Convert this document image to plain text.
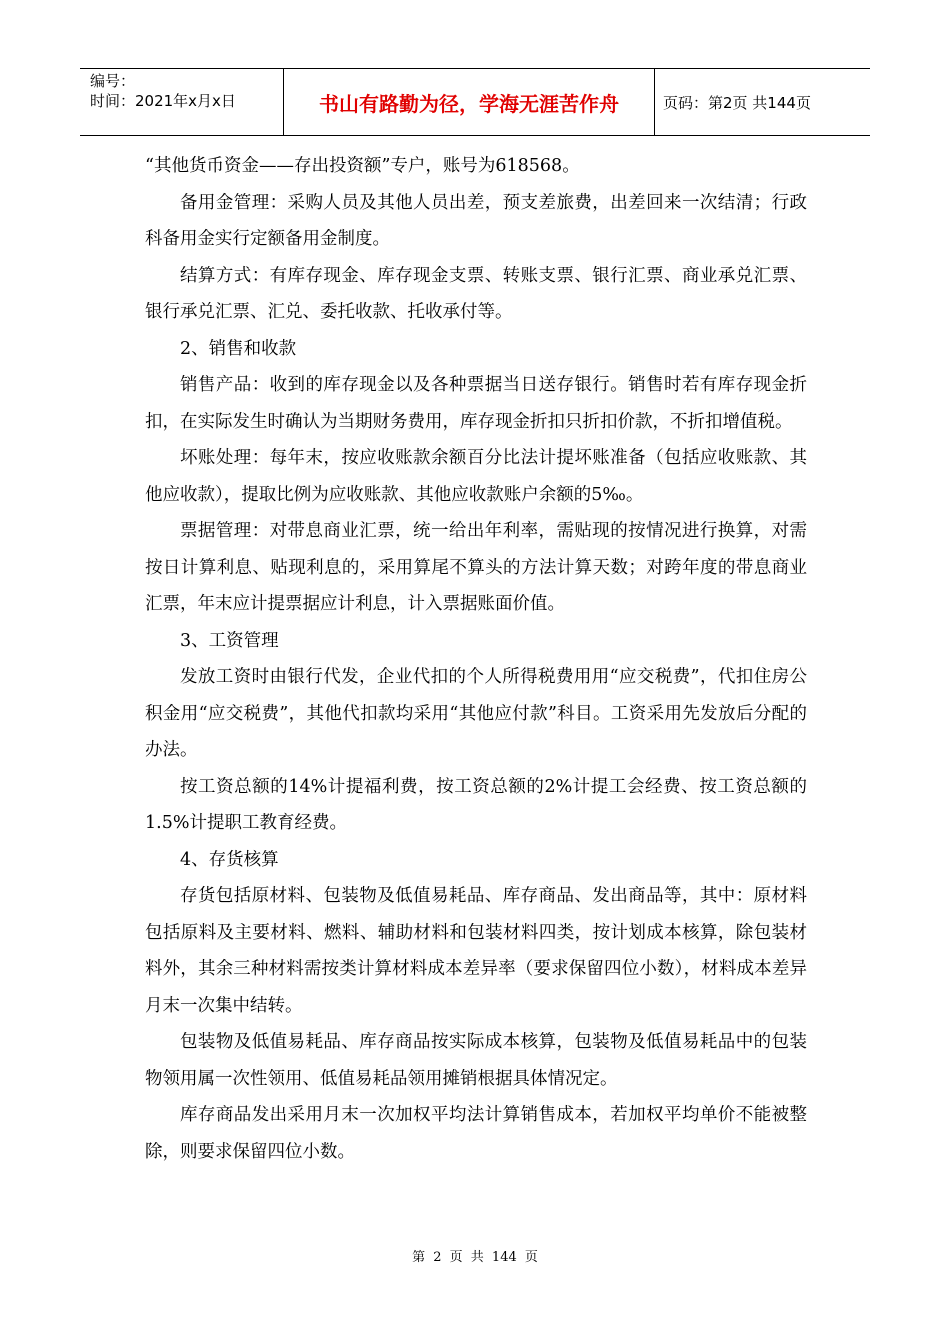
编号：
时间：2021年x月x日	书山有路勤为径，学海无涯苦作舟	页码：第2页 共144页

“其他货币资金——存出投资额”专户，账号为618568。

备用金管理：采购人员及其他人员出差，预支差旅费，出差回来一次结清；行政科备用金实行定额备用金制度。

结算方式：有库存现金、库存现金支票、转账支票、银行汇票、商业承兑汇票、银行承兑汇票、汇兑、委托收款、托收承付等。

2、销售和收款

销售产品：收到的库存现金以及各种票据当日送存银行。销售时若有库存现金折扣，在实际发生时确认为当期财务费用，库存现金折扣只折扣价款，不折扣增值税。

坏账处理：每年末，按应收账款余额百分比法计提坏账准备（包括应收账款、其他应收款），提取比例为应收账款、其他应收款账户余额的5‰。

票据管理：对带息商业汇票，统一给出年利率，需贴现的按情况进行换算，对需按日计算利息、贴现利息的，采用算尾不算头的方法计算天数；对跨年度的带息商业汇票，年末应计提票据应计利息，计入票据账面价值。

3、工资管理

发放工资时由银行代发，企业代扣的个人所得税费用用“应交税费”，代扣住房公积金用“应交税费”，其他代扣款均采用“其他应付款”科目。工资采用先发放后分配的办法。

按工资总额的14%计提福利费，按工资总额的2%计提工会经费、按工资总额的1.5%计提职工教育经费。

4、存货核算

存货包括原材料、包装物及低值易耗品、库存商品、发出商品等，其中：原材料包括原料及主要材料、燃料、辅助材料和包装材料四类，按计划成本核算，除包装材料外，其余三种材料需按类计算材料成本差异率（要求保留四位小数），材料成本差异月末一次集中结转。

包装物及低值易耗品、库存商品按实际成本核算，包装物及低值易耗品中的包装物领用属一次性领用、低值易耗品领用摊销根据具体情况定。

库存商品发出采用月末一次加权平均法计算销售成本，若加权平均单价不能被整除，则要求保留四位小数。

第 2 页 共 144 页
